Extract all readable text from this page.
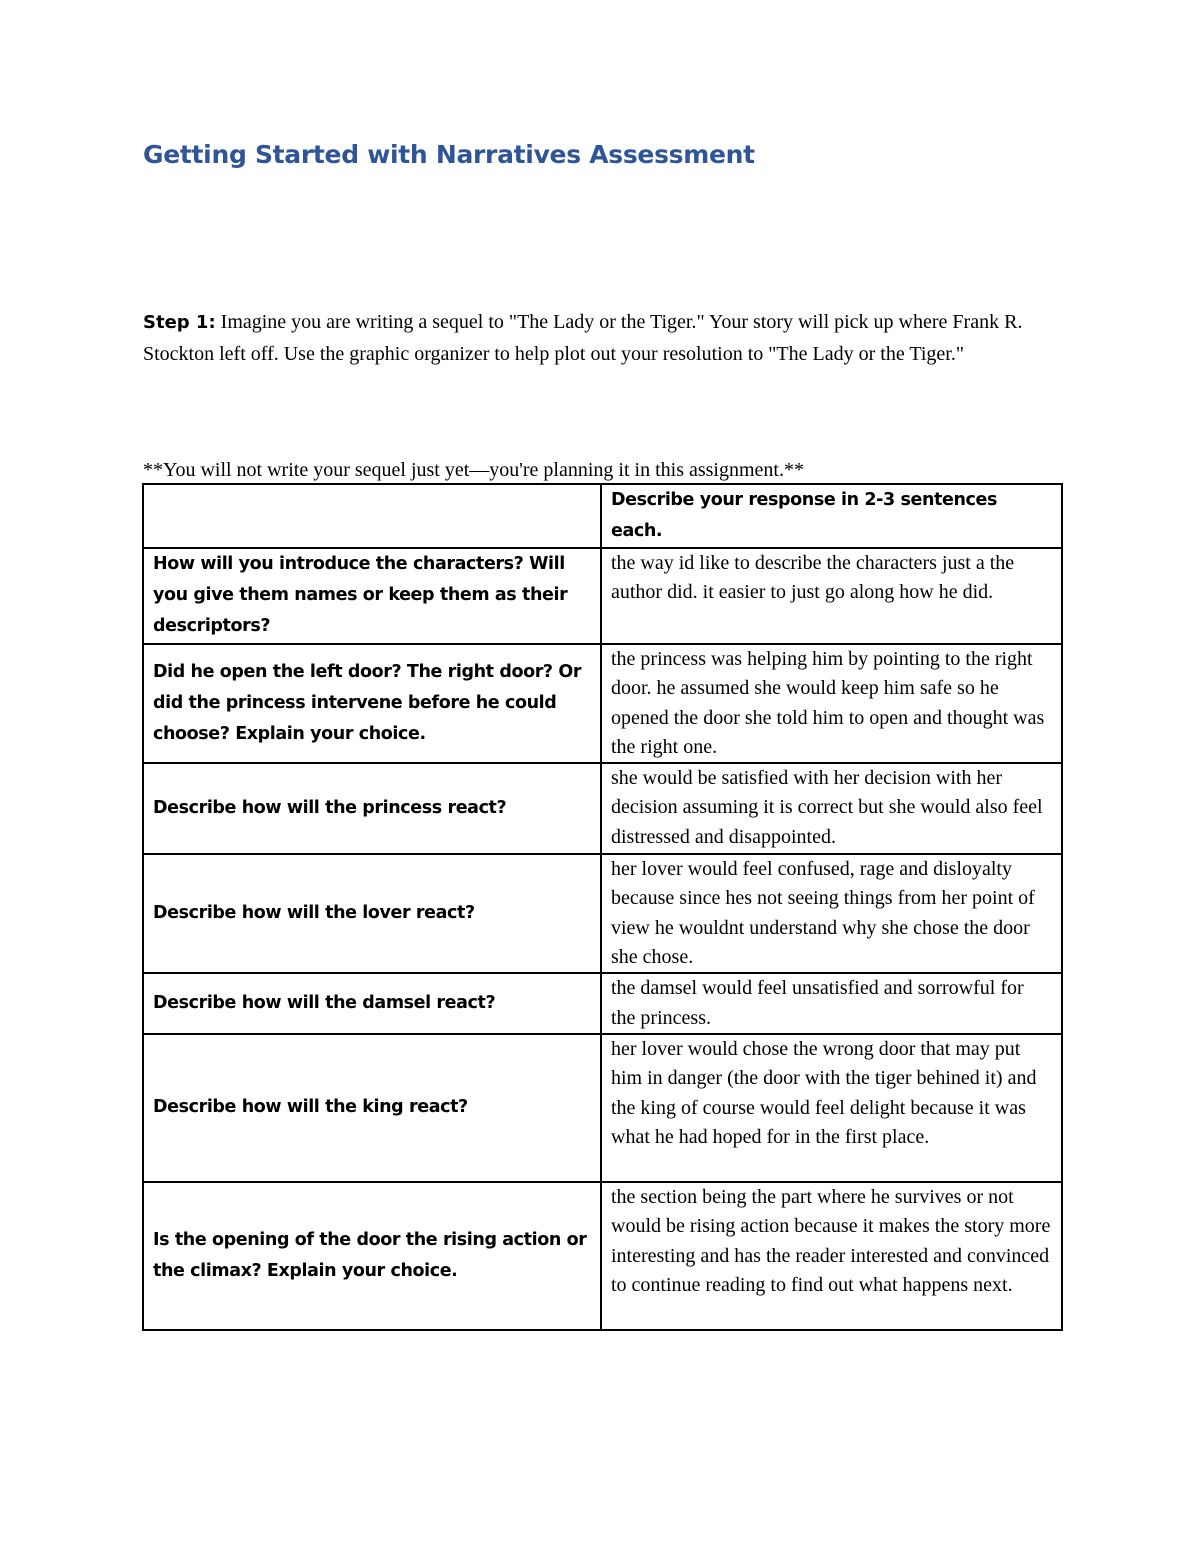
Getting Started with Narratives Assessment

Step 1: Imagine you are writing a sequel to "The Lady or the Tiger." Your story will pick up where Frank R. Stockton left off. Use the graphic organizer to help plot out your resolution to "The Lady or the Tiger."

**You will not write your sequel just yet—you're planning it in this assignment.**

	Describe your response in 2-3 sentences each.
How will you introduce the characters? Will you give them names or keep them as their descriptors?	the way id like to describe the characters just a the author did. it easier to just go along how he did.
Did he open the left door? The right door? Or did the princess intervene before he could choose? Explain your choice.	the princess was helping him by pointing to the right door. he assumed she would keep him safe so he opened the door she told him to open and thought was the right one.
Describe how will the princess react?	she would be satisfied with her decision with her decision assuming it is correct but she would also feel distressed and disappointed.
Describe how will the lover react?	her lover would feel confused, rage and disloyalty because since hes not seeing things from her point of view he wouldnt understand why she chose the door she chose.
Describe how will the damsel react?	the damsel would feel unsatisfied and sorrowful for the princess.
Describe how will the king react?	her lover would chose the wrong door that may put him in danger (the door with the tiger behined it) and the king of course would feel delight because it was what he had hoped for in the first place.
Is the opening of the door the rising action or the climax? Explain your choice.	the section being the part where he survives or not would be rising action because it makes the story more interesting and has the reader interested and convinced to continue reading to find out what happens next.
